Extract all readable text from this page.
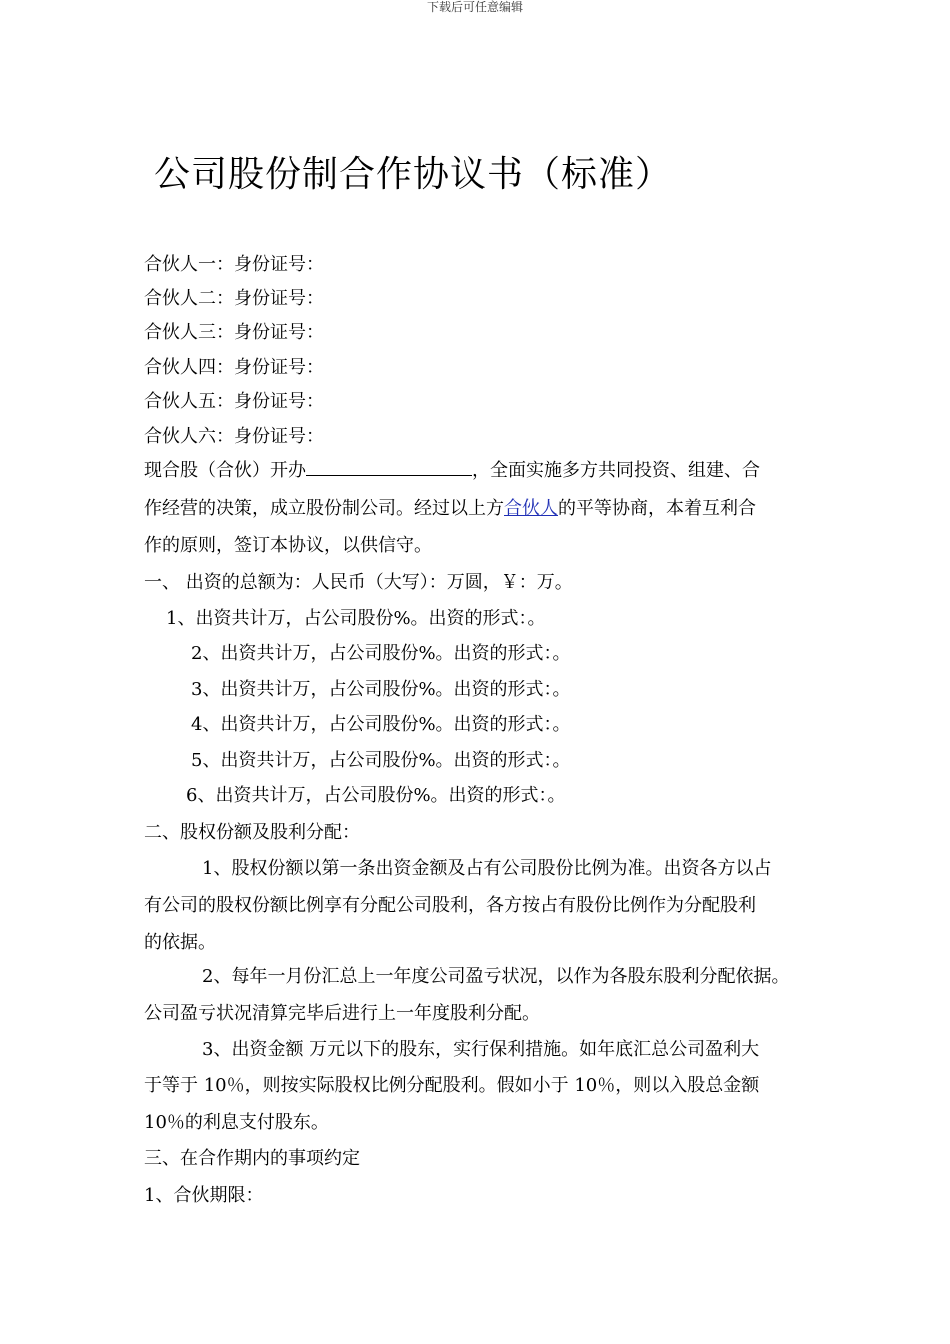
下载后可任意编辑
公司股份制合作协议书（标准）
合伙人一：身份证号：
合伙人二：身份证号：
合伙人三：身份证号：
合伙人四：身份证号：
合伙人五：身份证号：
合伙人六：身份证号：
现合股（合伙）开办	，全面实施多方共同投资、组建、合
作经营的决策，成立股份制公司。经过以上方合伙人的平等协商，本着互利合
作的原则，签订本协议，以供信守。
一、 出资的总额为：人民币（大写）：万圆，￥：万。
1、出资共计万，占公司股份%。出资的形式：。
2、出资共计万，占公司股份%。出资的形式：。
3、出资共计万，占公司股份%。出资的形式：。
4、出资共计万，占公司股份%。出资的形式：。
5、出资共计万，占公司股份%。出资的形式：。
6、出资共计万，占公司股份%。出资的形式：。
二、股权份额及股利分配：
1、股权份额以第一条出资金额及占有公司股份比例为准。出资各方以占
有公司的股权份额比例享有分配公司股利，各方按占有股份比例作为分配股利
的依据。
2、每年一月份汇总上一年度公司盈亏状况，以作为各股东股利分配依据。
公司盈亏状况清算完毕后进行上一年度股利分配。
3、出资金额 万元以下的股东，实行保利措施。如年底汇总公司盈利大
于等于 10％，则按实际股权比例分配股利。假如小于 10％，则以入股总金额
10％的利息支付股东。
三、在合作期内的事项约定
1、合伙期限：
